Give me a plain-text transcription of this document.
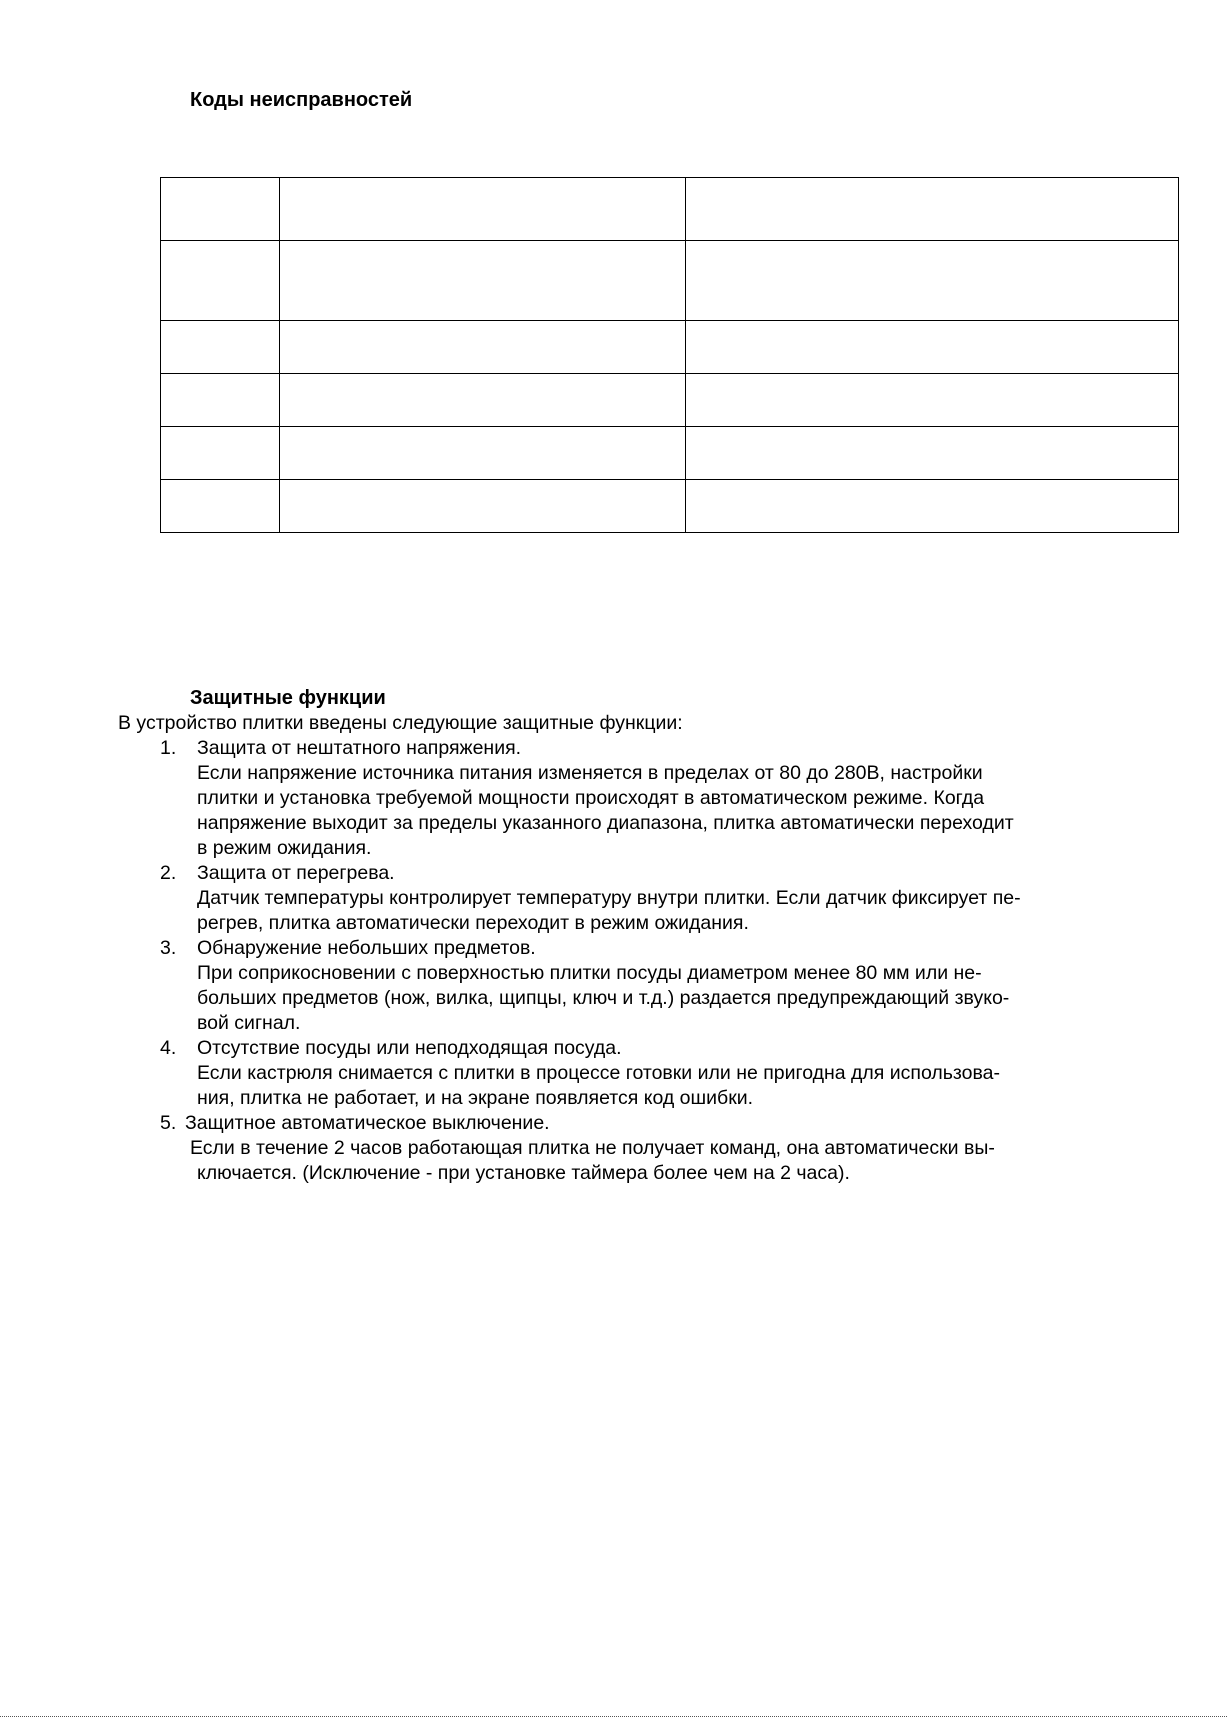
Коды неисправностей

Защитные функции
В устройство плитки введены следующие защитные функции:
1. Защита от нештатного напряжения.
Если напряжение источника питания изменяется в пределах от 80 до 280В, настройки
плитки и установка требуемой мощности происходят в автоматическом режиме. Когда
напряжение выходит за пределы указанного диапазона, плитка автоматически переходит
в режим ожидания.
2. Защита от перегрева.
Датчик температуры контролирует температуру внутри плитки. Если датчик фиксирует пе-
регрев, плитка автоматически переходит в режим ожидания.
3. Обнаружение небольших предметов.
При соприкосновении с поверхностью плитки посуды диаметром менее 80 мм или не-
больших предметов (нож, вилка, щипцы, ключ и т.д.) раздается предупреждающий звуко-
вой сигнал.
4. Отсутствие посуды или неподходящая посуда.
Если кастрюля снимается с плитки в процессе готовки или не пригодна для использова-
ния, плитка не работает, и на экране появляется код ошибки.
5. Защитное автоматическое выключение.
Если в течение 2 часов работающая плитка не получает команд, она автоматически вы-
ключается. (Исключение - при установке таймера более чем на 2 часа).
